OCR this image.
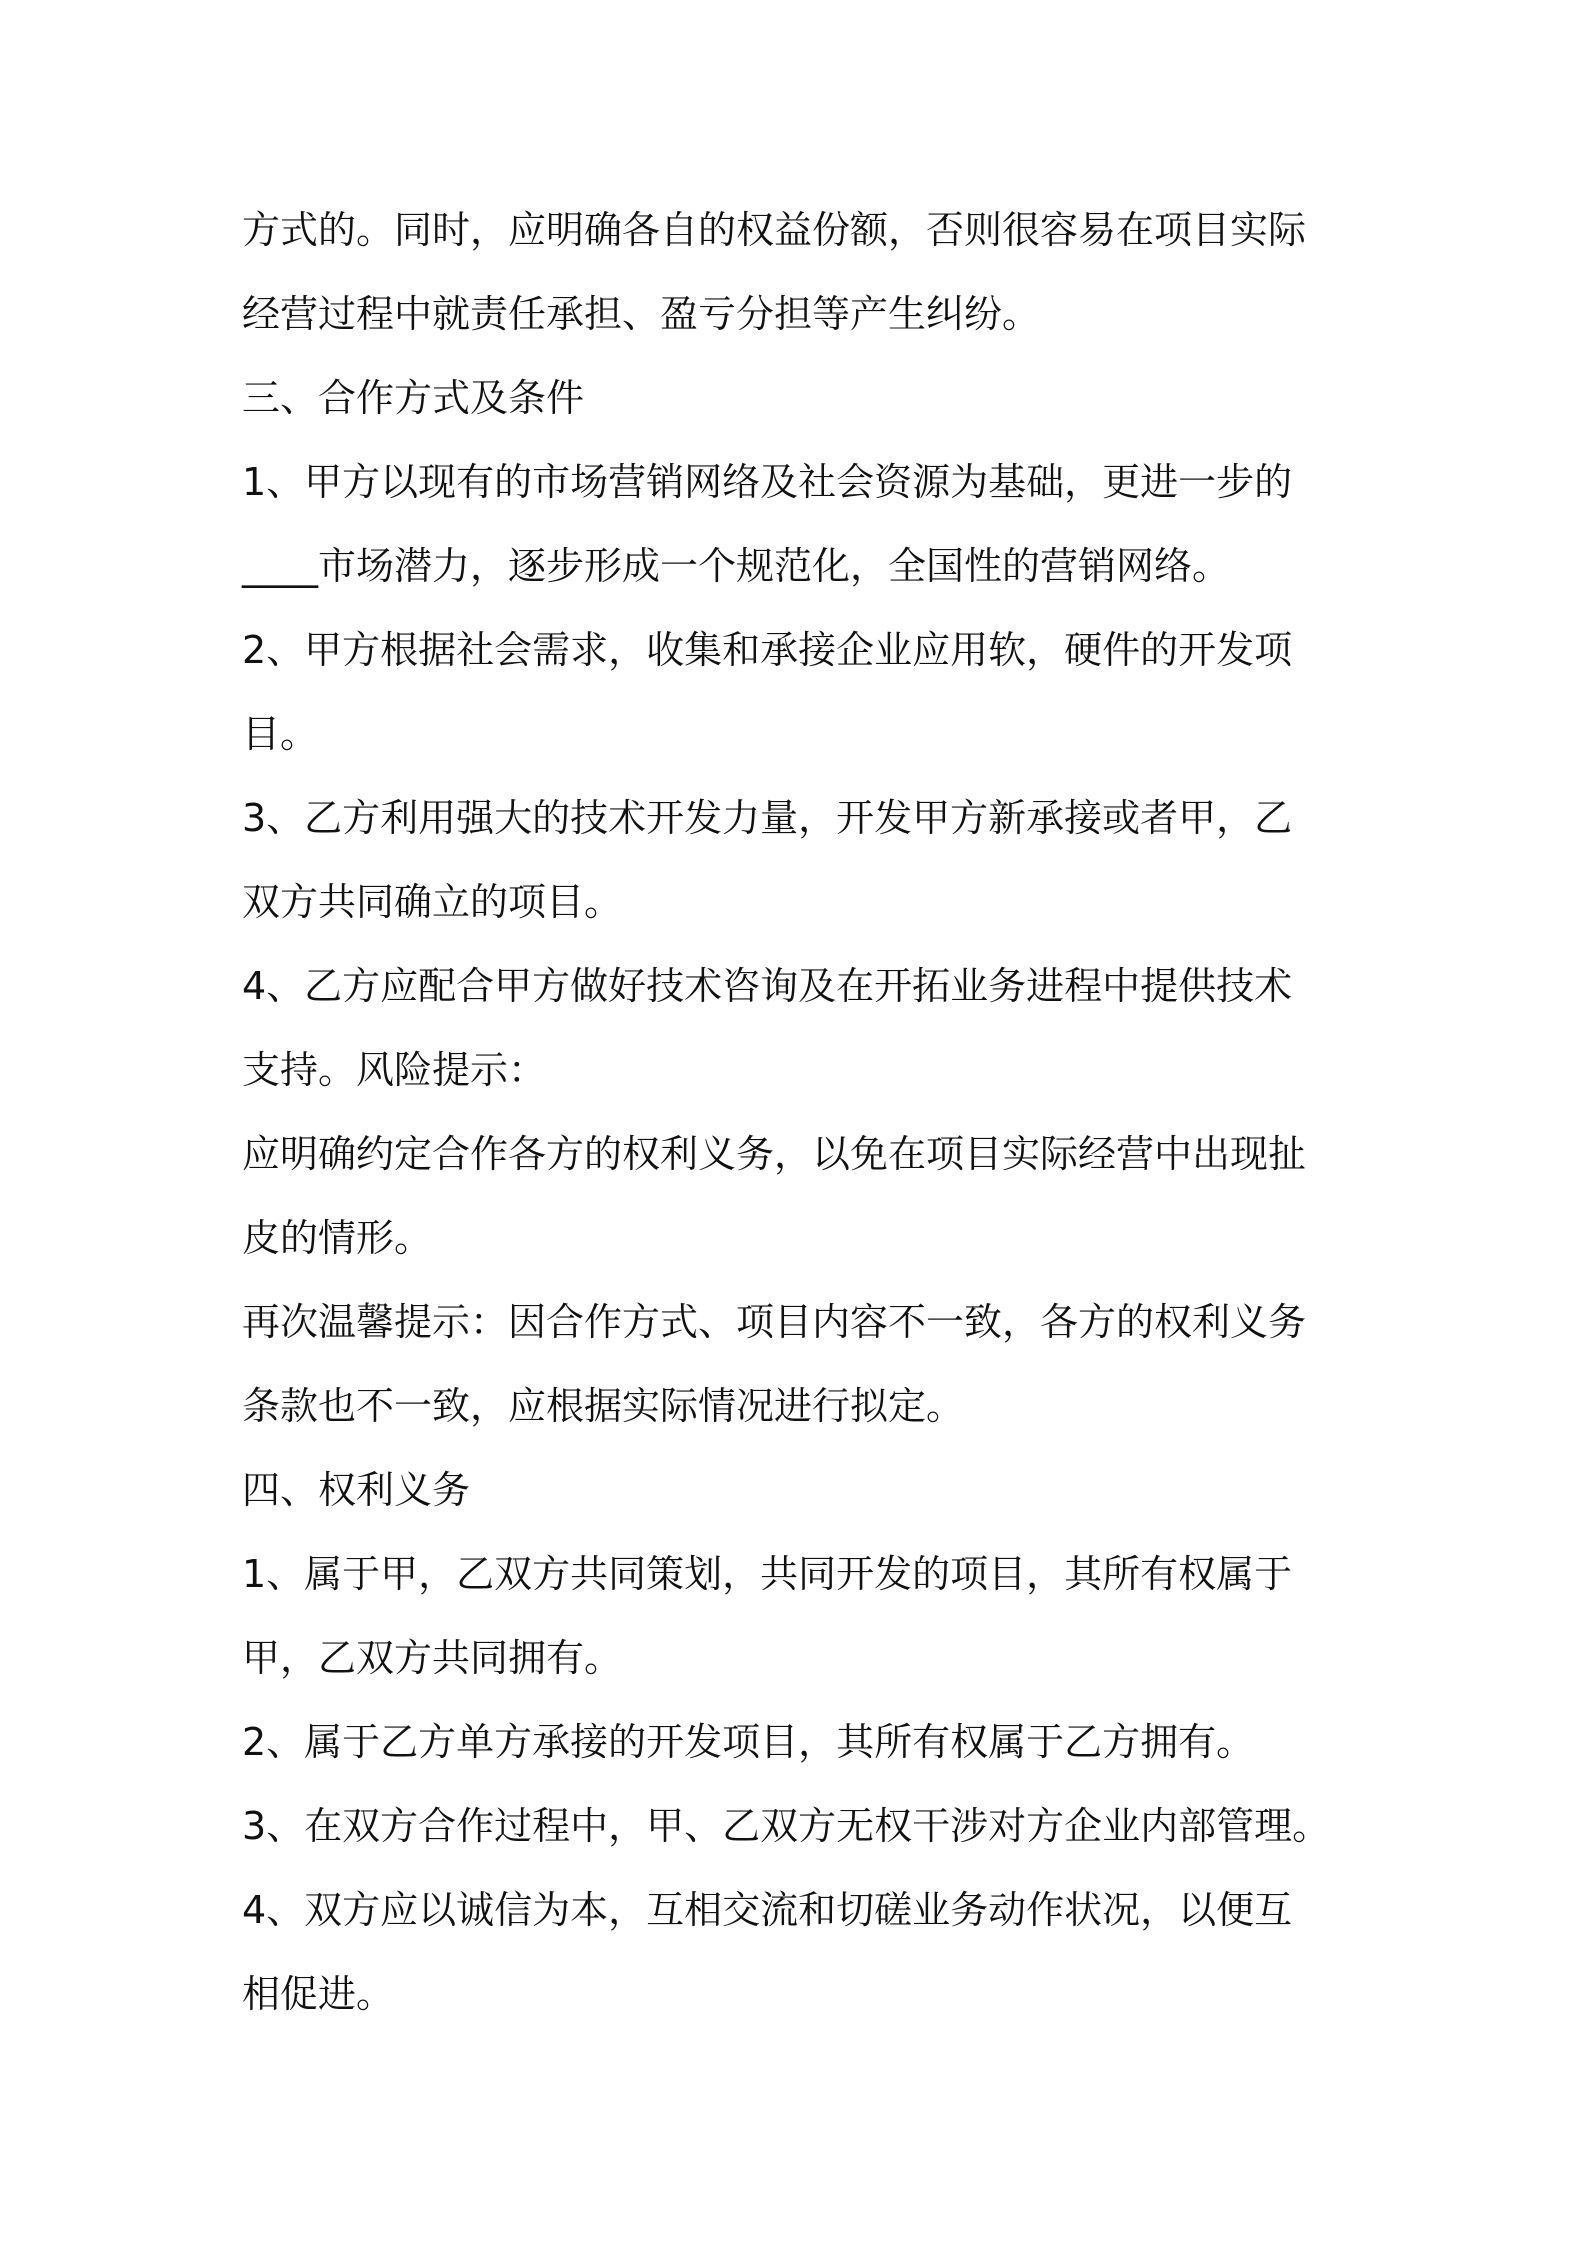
方式的。同时，应明确各自的权益份额，否则很容易在项目实际

经营过程中就责任承担、盈亏分担等产生纠纷。

三、合作方式及条件

1、甲方以现有的市场营销网络及社会资源为基础，更进一步的

____市场潜力，逐步形成一个规范化，全国性的营销网络。

2、甲方根据社会需求，收集和承接企业应用软，硬件的开发项

目。

3、乙方利用强大的技术开发力量，开发甲方新承接或者甲，乙

双方共同确立的项目。

4、乙方应配合甲方做好技术咨询及在开拓业务进程中提供技术

支持。风险提示：

应明确约定合作各方的权利义务，以免在项目实际经营中出现扯

皮的情形。

再次温馨提示：因合作方式、项目内容不一致，各方的权利义务

条款也不一致，应根据实际情况进行拟定。

四、权利义务

1、属于甲，乙双方共同策划，共同开发的项目，其所有权属于

甲，乙双方共同拥有。

2、属于乙方单方承接的开发项目，其所有权属于乙方拥有。

3、在双方合作过程中，甲、乙双方无权干涉对方企业内部管理。

4、双方应以诚信为本，互相交流和切磋业务动作状况，以便互

相促进。
